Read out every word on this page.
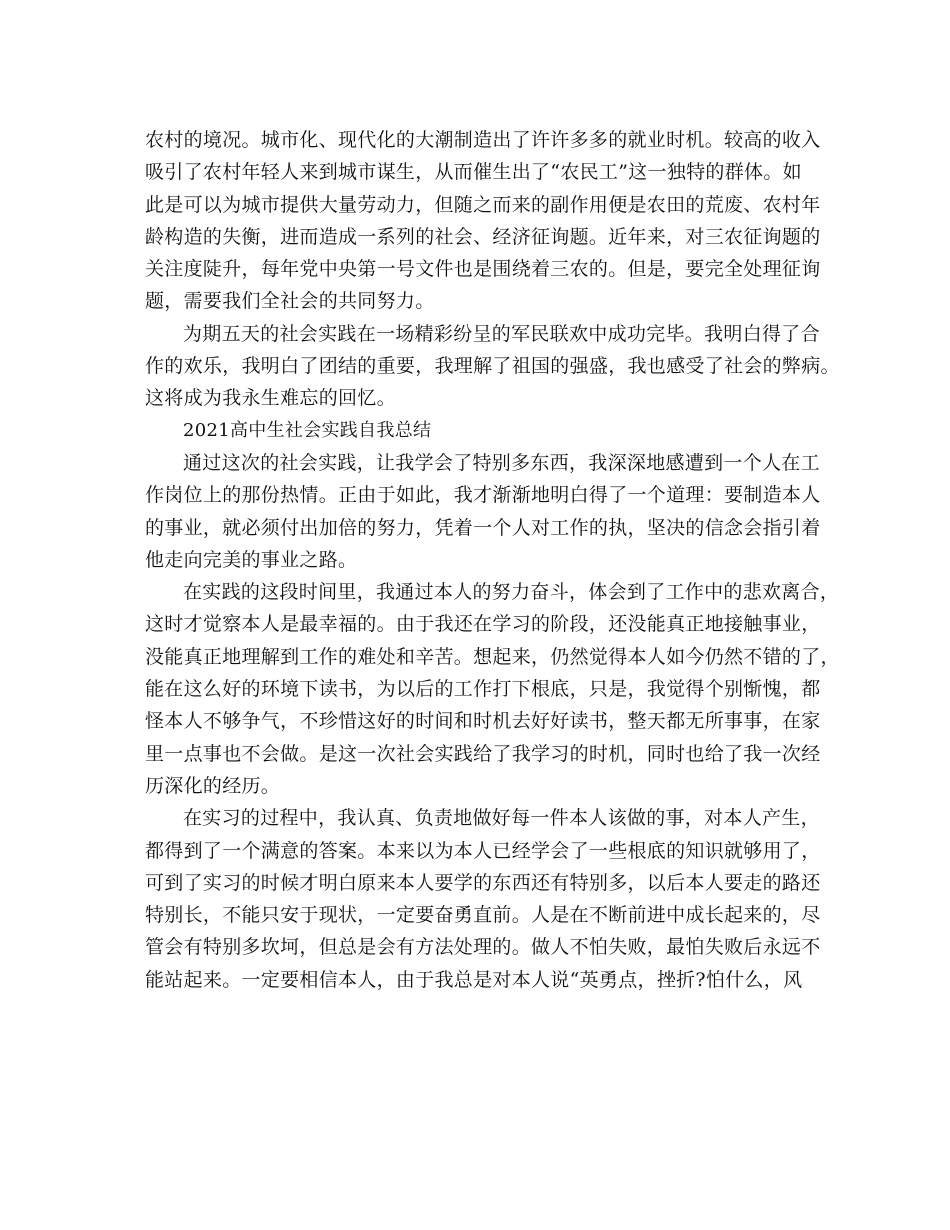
农村的境况。城市化、现代化的大潮制造出了许许多多的就业时机。较高的收入
吸引了农村年轻人来到城市谋生，从而催生出了“农民工”这一独特的群体。如
此是可以为城市提供大量劳动力，但随之而来的副作用便是农田的荒废、农村年
龄构造的失衡，进而造成一系列的社会、经济征询题。近年来，对三农征询题的
关注度陡升，每年党中央第一号文件也是围绕着三农的。但是，要完全处理征询
题，需要我们全社会的共同努力。
为期五天的社会实践在一场精彩纷呈的军民联欢中成功完毕。我明白得了合
作的欢乐，我明白了团结的重要，我理解了祖国的强盛，我也感受了社会的弊病。
这将成为我永生难忘的回忆。
2021高中生社会实践自我总结
通过这次的社会实践，让我学会了特别多东西，我深深地感遭到一个人在工
作岗位上的那份热情。正由于如此，我才渐渐地明白得了一个道理：要制造本人
的事业，就必须付出加倍的努力，凭着一个人对工作的执，坚决的信念会指引着
他走向完美的事业之路。
在实践的这段时间里，我通过本人的努力奋斗，体会到了工作中的悲欢离合，
这时才觉察本人是最幸福的。由于我还在学习的阶段，还没能真正地接触事业，
没能真正地理解到工作的难处和辛苦。想起来，仍然觉得本人如今仍然不错的了，
能在这么好的环境下读书，为以后的工作打下根底，只是，我觉得个别惭愧，都
怪本人不够争气，不珍惜这好的时间和时机去好好读书，整天都无所事事，在家
里一点事也不会做。是这一次社会实践给了我学习的时机，同时也给了我一次经
历深化的经历。
在实习的过程中，我认真、负责地做好每一件本人该做的事，对本人产生，
都得到了一个满意的答案。本来以为本人已经学会了一些根底的知识就够用了，
可到了实习的时候才明白原来本人要学的东西还有特别多，以后本人要走的路还
特别长，不能只安于现状，一定要奋勇直前。人是在不断前进中成长起来的，尽
管会有特别多坎坷，但总是会有方法处理的。做人不怕失败，最怕失败后永远不
能站起来。一定要相信本人，由于我总是对本人说“英勇点，挫折?怕什么，风
